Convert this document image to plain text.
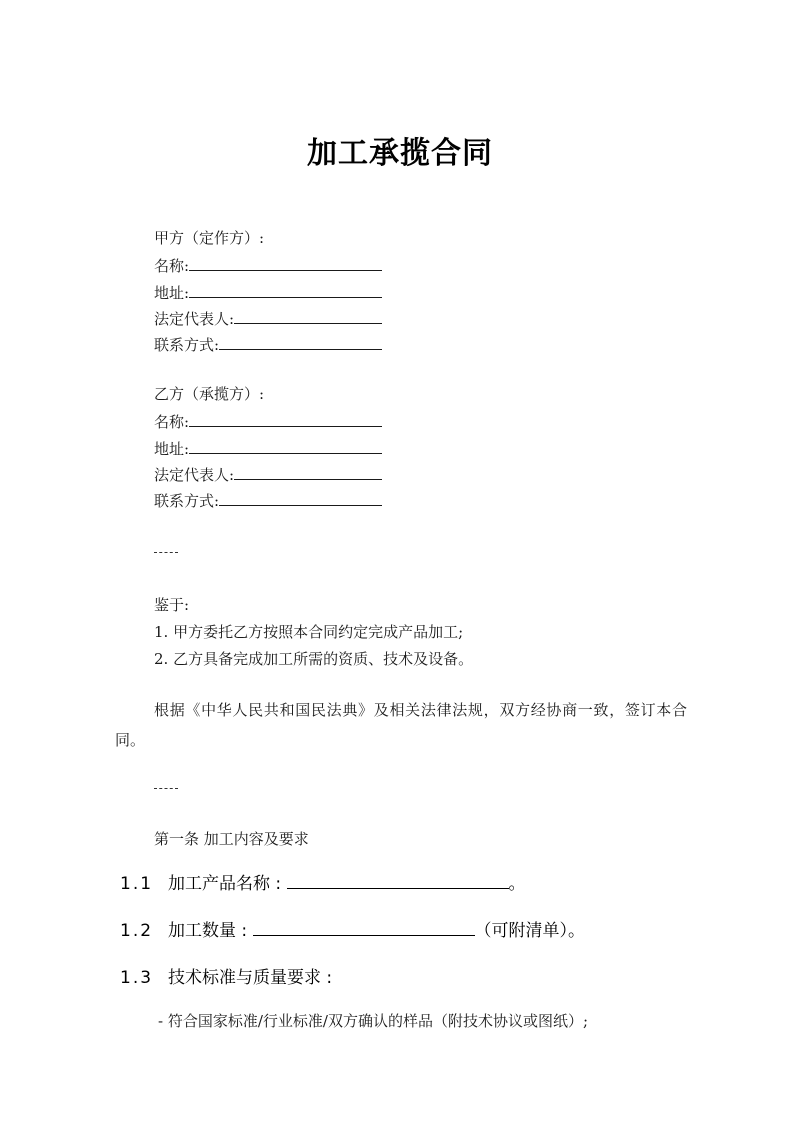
加工承揽合同
甲方（定作方）:
名称:
地址:
法定代表人:
联系方式:
乙方（承揽方）:
名称:
地址:
法定代表人:
联系方式:
鉴于:
1. 甲方委托乙方按照本合同约定完成产品加工;
2. 乙方具备完成加工所需的资质、技术及设备。
根据《中华人民共和国民法典》及相关法律法规，双方经协商一致，签订本合同。
第一条 加工内容及要求
1.1 加工产品名称 :	。
1.2 加工数量 :	（可附清单）。
1.3 技术标准与质量要求 :
- 符合国家标准/行业标准/双方确认的样品（附技术协议或图纸）;
